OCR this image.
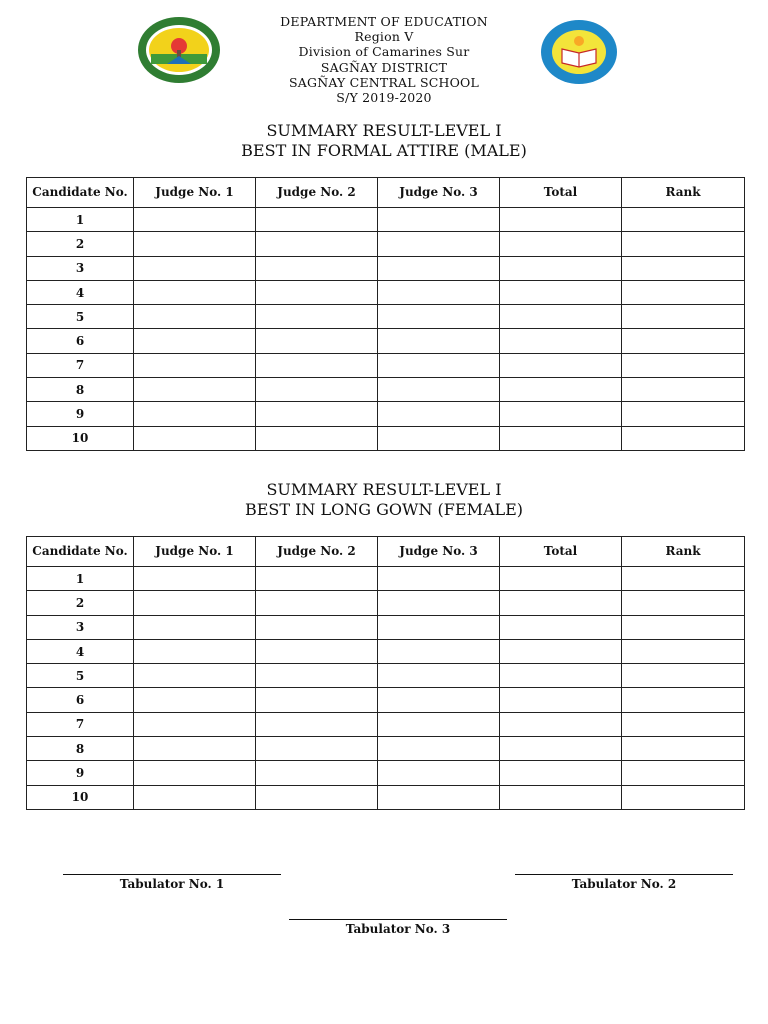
DEPARTMENT OF EDUCATION
Region V
Division of Camarines Sur
SAGÑAY DISTRICT
SAGÑAY CENTRAL SCHOOL
S/Y 2019-2020
SUMMARY RESULT-LEVEL I
BEST IN FORMAL ATTIRE (MALE)
Candidate No.	Judge No. 1	Judge No. 2	Judge No. 3	Total	Rank
1					
2					
3					
4					
5					
6					
7					
8					
9					
10					
SUMMARY RESULT-LEVEL I
BEST IN LONG GOWN (FEMALE)
Candidate No.	Judge No. 1	Judge No. 2	Judge No. 3	Total	Rank
1					
2					
3					
4					
5					
6					
7					
8					
9					
10					
Tabulator No. 1	Tabulator No. 2
Tabulator No. 3
